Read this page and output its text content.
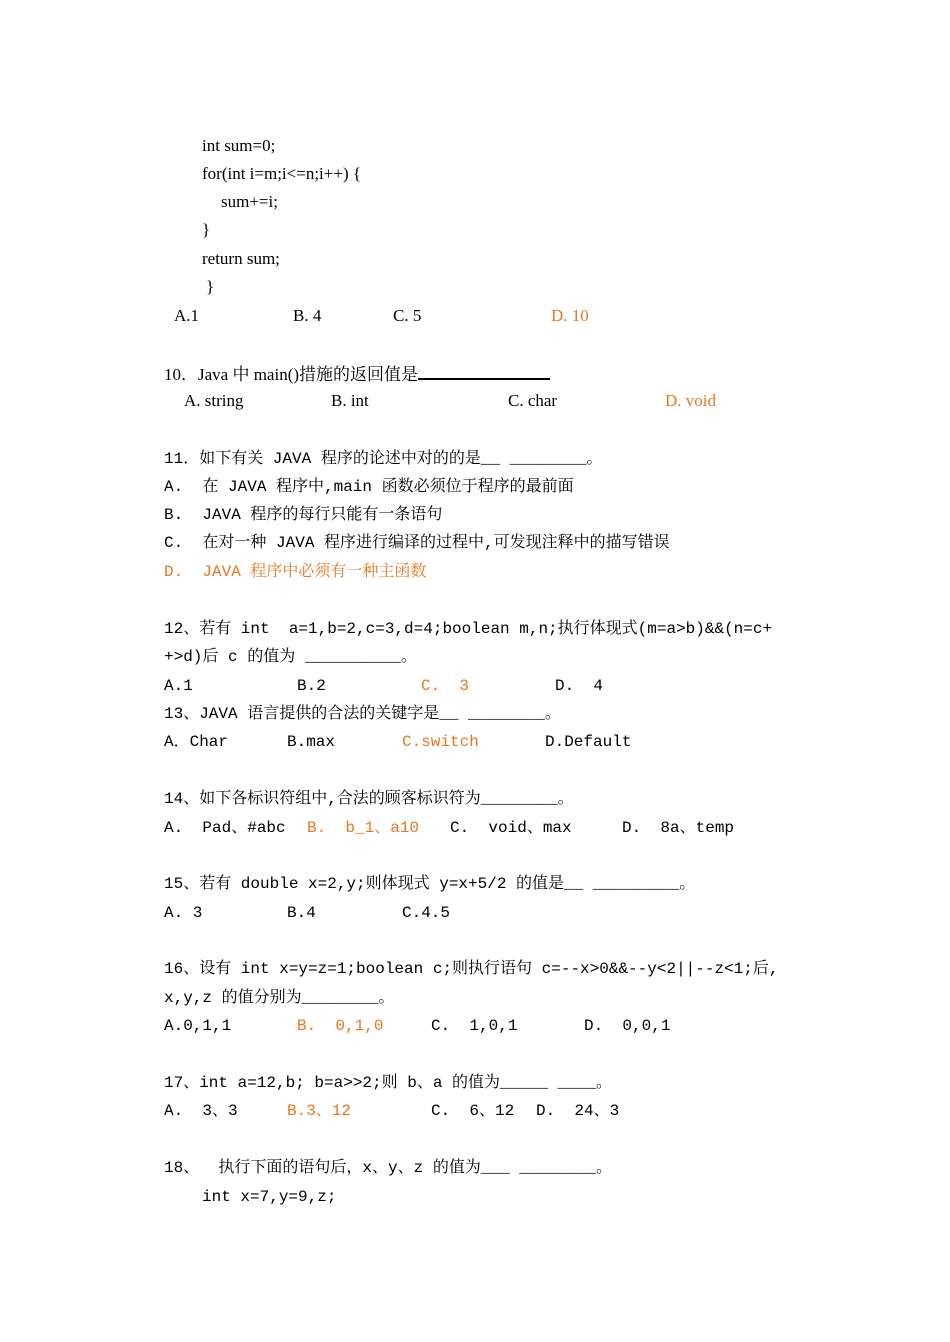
int sum=0;
for(int i=m;i<=n;i++) {
sum+=i;
}
return sum;
}
A.1	B. 4	C. 5	D. 10
10．Java 中 main()措施的返回值是
A. string	B. int	C. char	D. void
11．如下有关 JAVA 程序的论述中对的的是__ ________。
A.  在 JAVA 程序中,main 函数必须位于程序的最前面
B.  JAVA 程序的每行只能有一条语句
C.  在对一种 JAVA 程序进行编译的过程中,可发现注释中的描写错误
D.  JAVA 程序中必须有一种主函数
12、若有 int  a=1,b=2,c=3,d=4;boolean m,n;执行体现式(m=a>b)&&(n=c+
+>d)后 c 的值为 __________。
A.1	B.2	C.  3	D.  4
13、JAVA 语言提供的合法的关键字是__ ________。
A．Char	B.max	C.switch	D.Default
14、如下各标识符组中,合法的顾客标识符为________。
A.  Pad、#abc B.  b_1、a10 C.  void、max	D.  8a、temp
15、若有 double x=2,y;则体现式 y=x+5/2 的值是__ _________。
A. 3	B.4	C.4.5
16、设有 int x=y=z=1;boolean c;则执行语句 c=--x>0&&--y<2||--z<1;后,
x,y,z 的值分别为________。
A.0,1,1	B.  0,1,0	C.  1,0,1	D.  0,0,1
17、int a=12,b; b=a>>2;则 b、a 的值为_____ ____。
A.  3、3	B.3、12	C.  6、12 D.  24、3
18、  执行下面的语句后，x、y、z 的值为___ ________。
int x=7,y=9,z;
